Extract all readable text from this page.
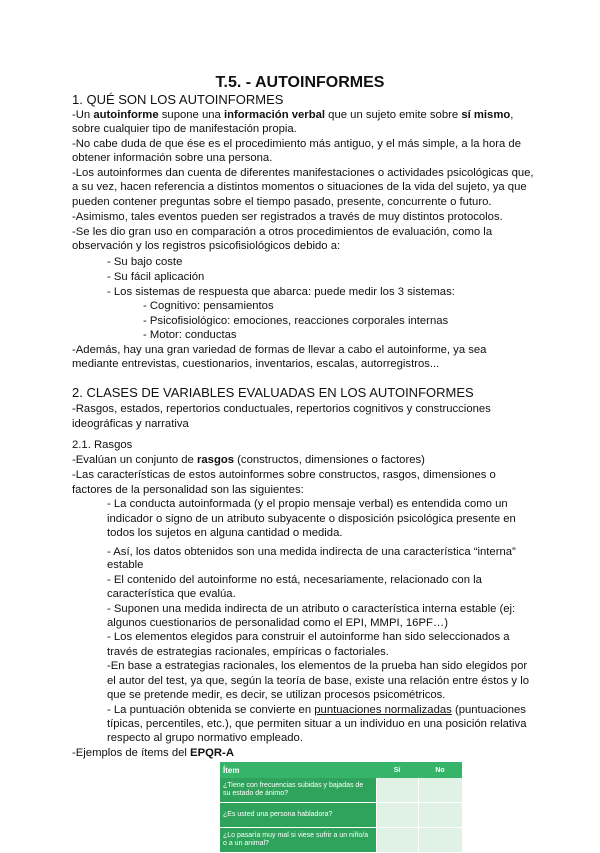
T.5. - AUTOINFORMES
1. QUÉ SON LOS AUTOINFORMES
-Un autoinforme supone una información verbal que un sujeto emite sobre sí mismo,
sobre cualquier tipo de manifestación propia.
-No cabe duda de que ése es el procedimiento más antiguo, y el más simple, a la hora de
obtener información sobre una persona.
-Los autoinformes dan cuenta de diferentes manifestaciones o actividades psicológicas que,
a su vez, hacen referencia a distintos momentos o situaciones de la vida del sujeto, ya que
pueden contener preguntas sobre el tiempo pasado, presente, concurrente o futuro.
-Asimismo, tales eventos pueden ser registrados a través de muy distintos protocolos.
-Se les dio gran uso en comparación a otros procedimientos de evaluación, como la
observación y los registros psicofisiológicos debido a:
- Su bajo coste
- Su fácil aplicación
- Los sistemas de respuesta que abarca: puede medir los 3 sistemas:
- Cognitivo: pensamientos
- Psicofisiológico: emociones, reacciones corporales internas
- Motor: conductas
-Además, hay una gran variedad de formas de llevar a cabo el autoinforme, ya sea
mediante entrevistas, cuestionarios, inventarios, escalas, autorregistros...
2. CLASES DE VARIABLES EVALUADAS EN LOS AUTOINFORMES
-Rasgos, estados, repertorios conductuales, repertorios cognitivos y construcciones
ideográficas y narrativa
2.1. Rasgos
-Evalúan un conjunto de rasgos (constructos, dimensiones o factores)
-Las características de estos autoinformes sobre constructos, rasgos, dimensiones o
factores de la personalidad son las siguientes:
- La conducta autoinformada (y el propio mensaje verbal) es entendida como un
indicador o signo de un atributo subyacente o disposición psicológica presente en
todos los sujetos en alguna cantidad o medida.
- Así, los datos obtenidos son una medida indirecta de una característica “interna”
estable
- El contenido del autoinforme no está, necesariamente, relacionado con la
característica que evalúa.
- Suponen una medida indirecta de un atributo o característica interna estable (ej:
algunos cuestionarios de personalidad como el EPI, MMPI, 16PF…)
- Los elementos elegidos para construir el autoinforme han sido seleccionados a
través de estrategias racionales, empíricas o factoriales.
-En base a estrategias racionales, los elementos de la prueba han sido elegidos por
el autor del test, ya que, según la teoría de base, existe una relación entre éstos y lo
que se pretende medir, es decir, se utilizan procesos psicométricos.
- La puntuación obtenida se convierte en puntuaciones normalizadas (puntuaciones
típicas, percentiles, etc.), que permiten situar a un individuo en una posición relativa
respecto al grupo normativo empleado.
-Ejemplos de ítems del EPQR-A
Ítem	Sí	No
¿Tiene con frecuencias subidas y bajadas de su estado de ánimo?		
¿Es usted una persona habladora?		
¿Lo pasaría muy mal si viese sufrir a un niño/a o a un animal?		
